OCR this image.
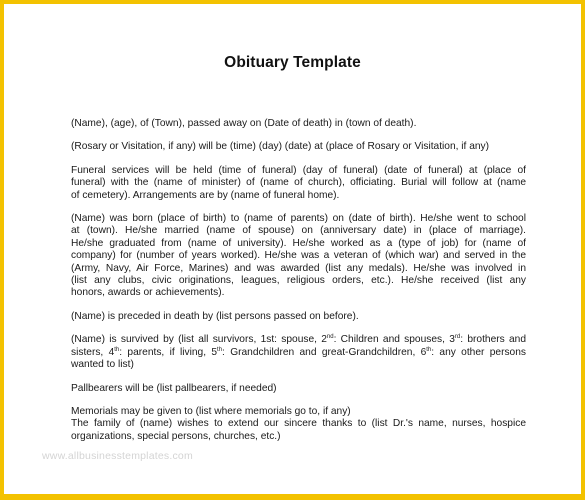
Obituary Template

(Name), (age), of (Town), passed away on (Date of death) in (town of death).

(Rosary or Visitation, if any) will be (time) (day) (date) at (place of Rosary or Visitation, if any)

Funeral services will be held (time of funeral) (day of funeral) (date of funeral) at (place of
funeral) with the (name of minister) of (name of church), officiating. Burial will follow at (name
of cemetery). Arrangements are by (name of funeral home).

(Name) was born (place of birth) to (name of parents) on (date of birth). He/she went to school
at (town). He/she married (name of spouse) on (anniversary date) in (place of marriage).
He/she graduated from (name of university). He/she worked as a (type of job) for (name of
company) for (number of years worked). He/she was a veteran of (which war) and served in the
(Army, Navy, Air Force, Marines) and was awarded (list any medals). He/she was involved in
(list any clubs, civic originations, leagues, religious orders, etc.). He/she received (list any
honors, awards or achievements).

(Name) is preceded in death by (list persons passed on before).

(Name) is survived by (list all survivors, 1st: spouse, 2nd: Children and spouses, 3rd: brothers and
sisters, 4th: parents, if living, 5th: Grandchildren and great-Grandchildren, 6th: any other persons
wanted to list)

Pallbearers will be (list pallbearers, if needed)

Memorials may be given to (list where memorials go to, if any)
The family of (name) wishes to extend our sincere thanks to (list Dr.'s name, nurses, hospice
organizations, special persons, churches, etc.)

www.allbusinesstemplates.com
